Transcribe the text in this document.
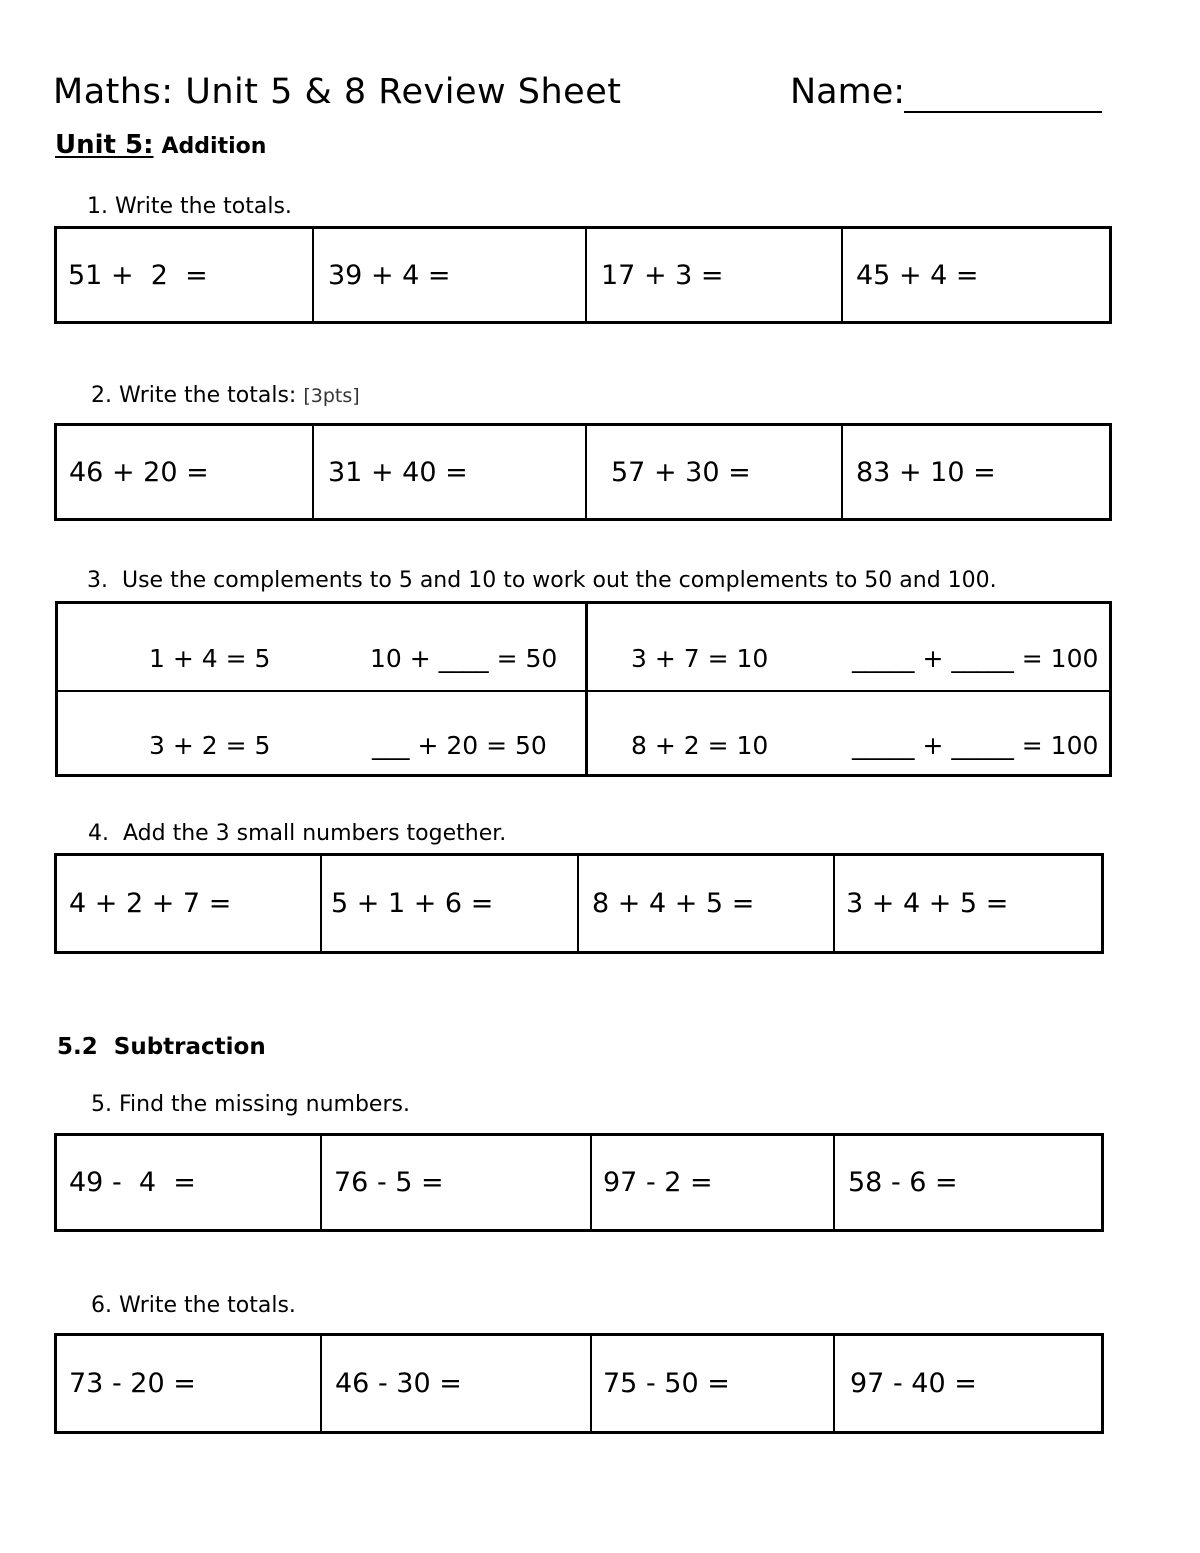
Maths: Unit 5 & 8 Review Sheet	Name:
Unit 5: Addition
1. Write the totals.
51 +  2  =	39 + 4 =	17 + 3 =	45 + 4 =
2. Write the totals: [3pts]
46 + 20 =	31 + 40 =	57 + 30 =	83 + 10 =
3.  Use the complements to 5 and 10 to work out the complements to 50 and 100.
1 + 4 = 5	10 + ____ = 50	3 + 7 = 10	_____ + _____ = 100
3 + 2 = 5	___ + 20 = 50	8 + 2 = 10	_____ + _____ = 100
4.  Add the 3 small numbers together.
4 + 2 + 7 =	5 + 1 + 6 =	8 + 4 + 5 =	3 + 4 + 5 =
5.2  Subtraction
5. Find the missing numbers.
49 -  4  =	76 - 5 =	97 - 2 =	58 - 6 =
6. Write the totals.
73 - 20 =	46 - 30 =	75 - 50 =	97 - 40 =
